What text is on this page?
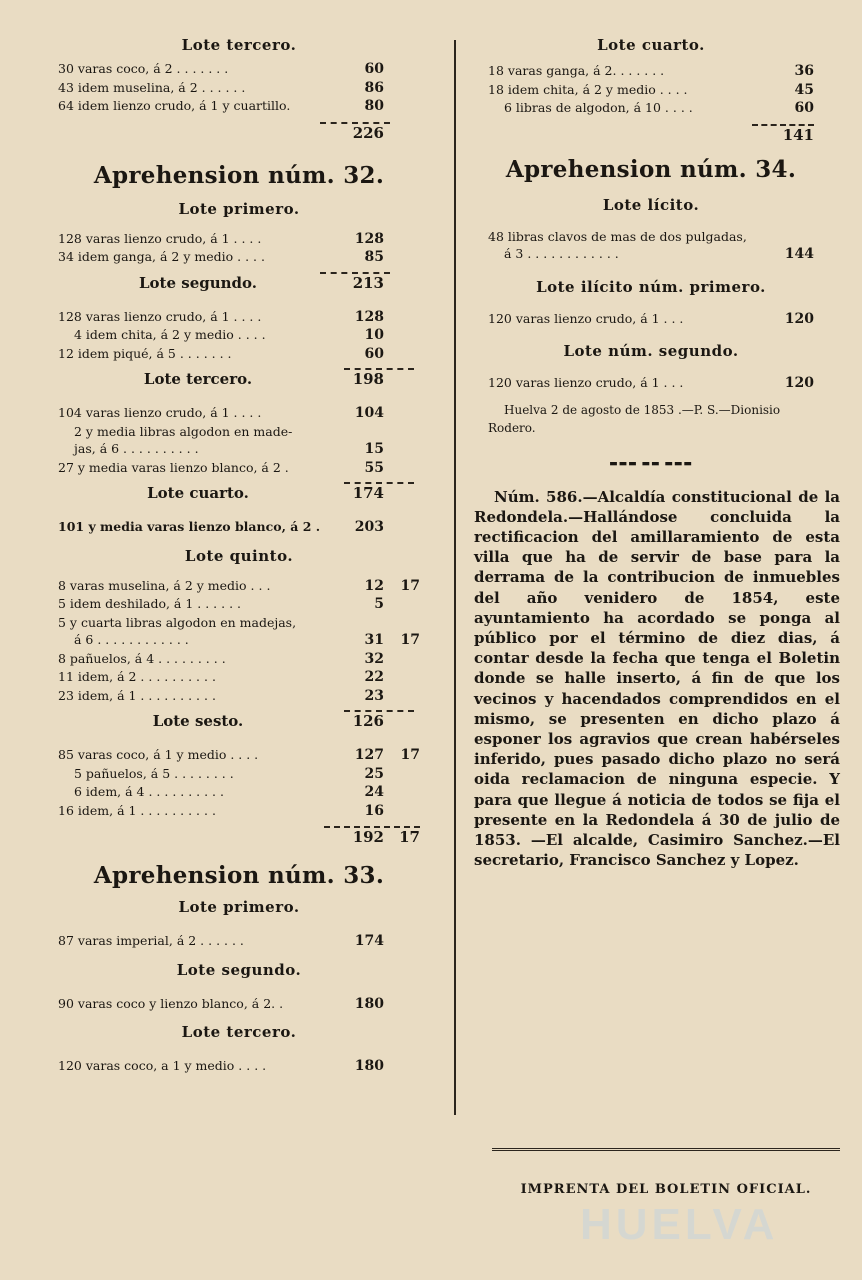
Lote tercero.
30 varas coco, á 2 . . . . . . .	60
43 idem muselina, á 2 . . . . . .	86
64 idem lienzo crudo, á 1 y cuartillo.	80
226
Aprehension núm. 32.
Lote primero.
128 varas lienzo crudo, á 1 . . . .	128
34 idem ganga, á 2 y medio . . . .	85
Lote segundo.	213
128 varas lienzo crudo, á 1 . . . .	128
4 idem chita, á 2 y medio . . . .	10
12 idem piqué, á 5 . . . . . . .	60
Lote tercero.	198
104 varas lienzo crudo, á 1 . . . .	104
2 y media libras algodon en made-
jas, á 6 . . . . . . . . . .	15
27 y media varas lienzo blanco, á 2 .	55
Lote cuarto.	174
101 y media varas lienzo blanco, á 2 .	203
Lote quinto.
8 varas muselina, á 2 y medio . . .	12	17
5 idem deshilado, á 1 . . . . . .	5
5 y cuarta libras algodon en madejas,
á 6 . . . . . . . . . . . .	31	17
8 pañuelos, á 4 . . . . . . . . .	32
11 idem, á 2 . . . . . . . . . .	22
23 idem, á 1 . . . . . . . . . .	23
Lote sesto.	126
85 varas coco, á 1 y medio . . . .	127	17
5 pañuelos, á 5 . . . . . . . .	25
6 idem, á 4 . . . . . . . . . .	24
16 idem, á 1 . . . . . . . . . .	16
192	17
Aprehension núm. 33.
Lote primero.
87 varas imperial, á 2 . . . . . .	174
Lote segundo.
90 varas coco y lienzo blanco, á 2. .	180
Lote tercero.
120 varas coco, a 1 y medio . . . .	180
Lote cuarto.
18 varas ganga, á 2. . . . . . .	36
18 idem chita, á 2 y medio . . . .	45
6 libras de algodon, á 10 . . . .	60
141
Aprehension núm. 34.
Lote lícito.
48 libras clavos de mas de dos pulgadas,
á 3 . . . . . . . . . . . .	144
Lote ilícito núm. primero.
120 varas lienzo crudo, á 1 . . .	120
Lote núm. segundo.
120 varas lienzo crudo, á 1 . . .	120
Huelva 2 de agosto de 1853 .—P. S.—Dionisio Rodero.
▬▬▬ ▬▬ ▬▬▬
Núm. 586.—Alcaldía constitucional de la Redondela.—Hallándose concluida la rectificacion del amillaramiento de esta villa que ha de servir de base para la derrama de la contribucion de inmuebles del año venidero de 1854, este ayuntamiento ha acordado se ponga al público por el término de diez dias, á contar desde la fecha que tenga el Boletin donde se halle inserto, á fin de que los vecinos y hacendados comprendidos en el mismo, se presenten en dicho plazo á esponer los agravios que crean habérseles inferido, pues pasado dicho plazo no será oida reclamacion de ninguna especie. Y para que llegue á noticia de todos se fija el presente en la Redondela á 30 de julio de 1853. —El alcalde, Casimiro Sanchez.—El secretario, Francisco Sanchez y Lopez.
IMPRENTA DEL BOLETIN OFICIAL.
HUELVA
